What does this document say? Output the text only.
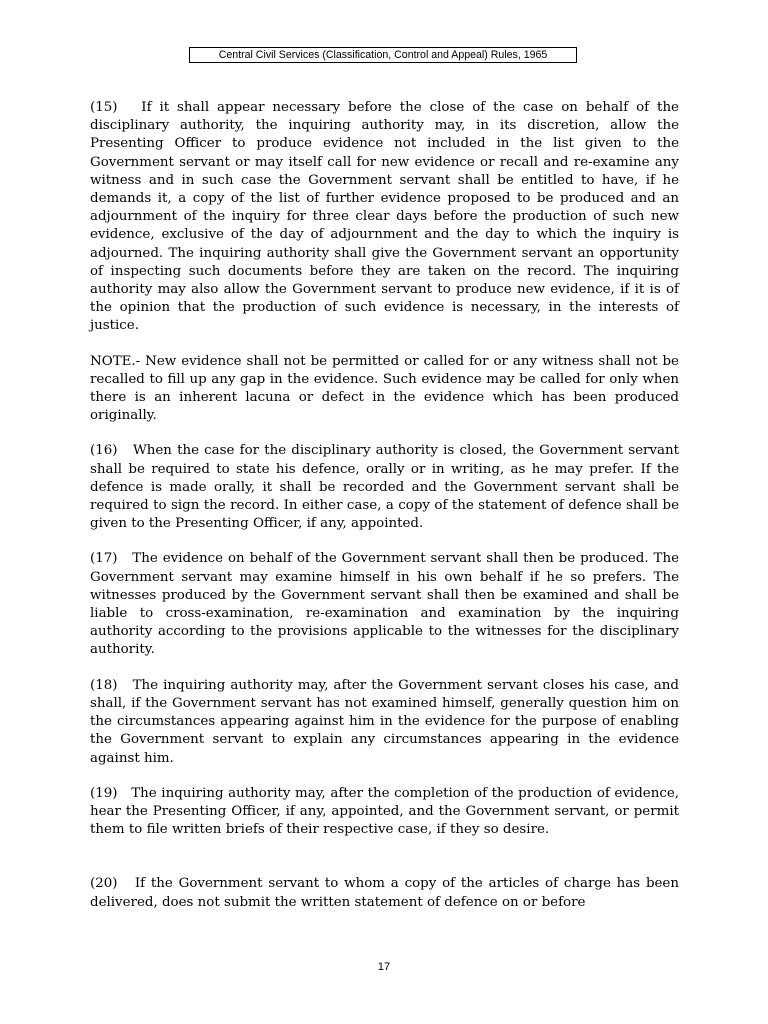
Central Civil Services (Classification, Control and Appeal) Rules, 1965

(15)   If it shall appear necessary before the close of the case on behalf of the disciplinary authority, the inquiring authority may, in its discretion, allow the Presenting Officer to produce evidence not included in the list given to the Government servant or may itself call for new evidence or recall and re-examine any witness and in such case the Government servant shall be entitled to have, if he demands it, a copy of the list of further evidence proposed to be produced and an adjournment of the inquiry for three clear days before the production of such new evidence, exclusive of the day of adjournment and the day to which the inquiry is adjourned. The inquiring authority shall give the Government servant an opportunity of inspecting such documents before they are taken on the record. The inquiring authority may also allow the Government servant to produce new evidence, if it is of the opinion that the production of such evidence is necessary, in the interests of justice.

NOTE.- New evidence shall not be permitted or called for or any witness shall not be recalled to fill up any gap in the evidence. Such evidence may be called for only when there is an inherent lacuna or defect in the evidence which has been produced originally.

(16)   When the case for the disciplinary authority is closed, the Government servant shall be required to state his defence, orally or in writing, as he may prefer. If the defence is made orally, it shall be recorded and the Government servant shall be required to sign the record. In either case, a copy of the statement of defence shall be given to the Presenting Officer, if any, appointed.

(17)   The evidence on behalf of the Government servant shall then be produced. The Government servant may examine himself in his own behalf if he so prefers. The witnesses produced by the Government servant shall then be examined and shall be liable to cross-examination, re-examination and examination by the inquiring authority according to the provisions applicable to the witnesses for the disciplinary authority.

(18)   The inquiring authority may, after the Government servant closes his case, and shall, if the Government servant has not examined himself, generally question him on the circumstances appearing against him in the evidence for the purpose of enabling the Government servant to explain any circumstances appearing in the evidence against him.

(19)   The inquiring authority may, after the completion of the production of evidence, hear the Presenting Officer, if any, appointed, and the Government servant, or permit them to file written briefs of their respective case, if they so desire.

(20)   If the Government servant to whom a copy of the articles of charge has been delivered, does not submit the written statement of defence on or before

17
